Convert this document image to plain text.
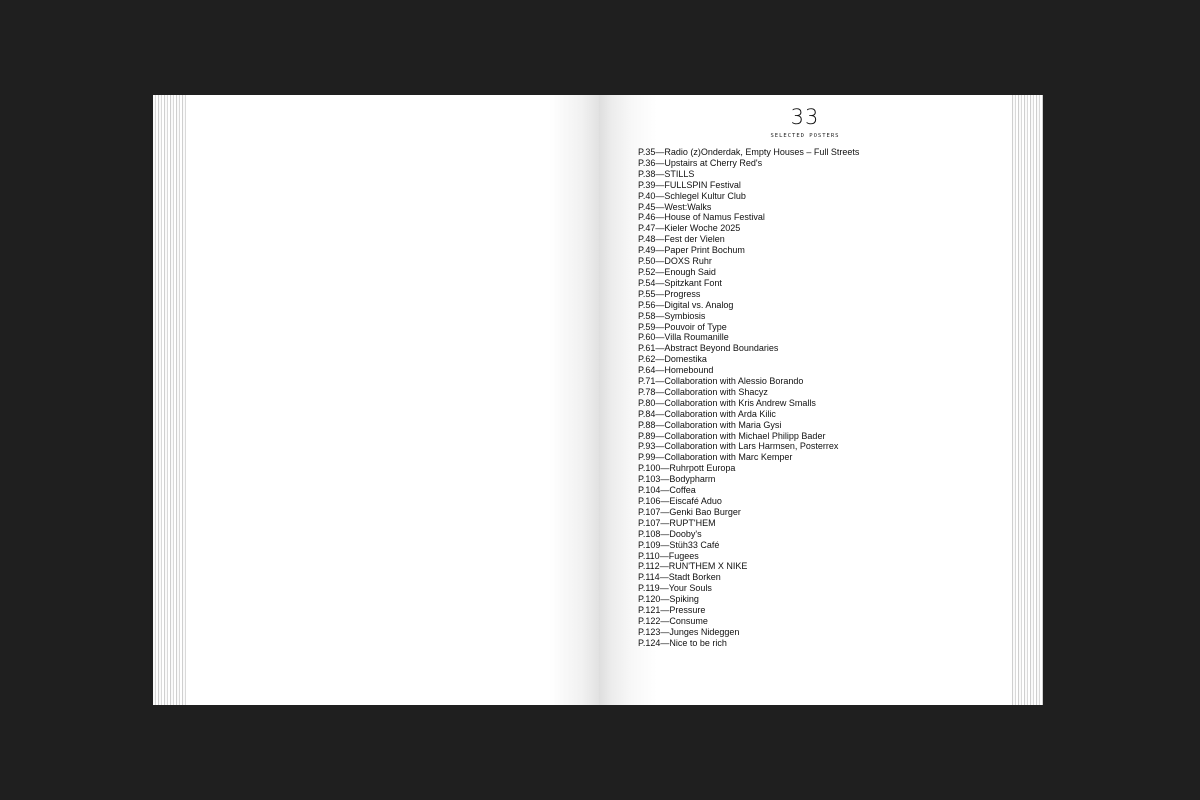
33
SELECTED POSTERS
P.35—Radio (z)Onderdak, Empty Houses – Full Streets
P.36—Upstairs at Cherry Red's
P.38—STILLS
P.39—FULLSPIN Festival
P.40—Schlegel Kultur Club
P.45—West:Walks
P.46—House of Namus Festival
P.47—Kieler Woche 2025
P.48—Fest der Vielen
P.49—Paper Print Bochum
P.50—DOXS Ruhr
P.52—Enough Said
P.54—Spitzkant Font
P.55—Progress
P.56—Digital vs. Analog
P.58—Symbiosis
P.59—Pouvoir of Type
P.60—Villa Roumanille
P.61—Abstract Beyond Boundaries
P.62—Domestika
P.64—Homebound
P.71—Collaboration with Alessio Borando
P.78—Collaboration with Shacyz
P.80—Collaboration with Kris Andrew Smalls
P.84—Collaboration with Arda Kilic
P.88—Collaboration with Maria Gysi
P.89—Collaboration with Michael Philipp Bader
P.93—Collaboration with Lars Harmsen, Posterrex
P.99—Collaboration with Marc Kemper
P.100—Ruhrpott Europa
P.103—Bodypharm
P.104—Coffea
P.106—Eiscafé Aduo
P.107—Genki Bao Burger
P.107—RUPT'HEM
P.108—Dooby's
P.109—Stüh33 Café
P.110—Fugees
P.112—RUN'THEM X NIKE
P.114—Stadt Borken
P.119—Your Souls
P.120—Spiking
P.121—Pressure
P.122—Consume
P.123—Junges Nideggen
P.124—Nice to be rich
